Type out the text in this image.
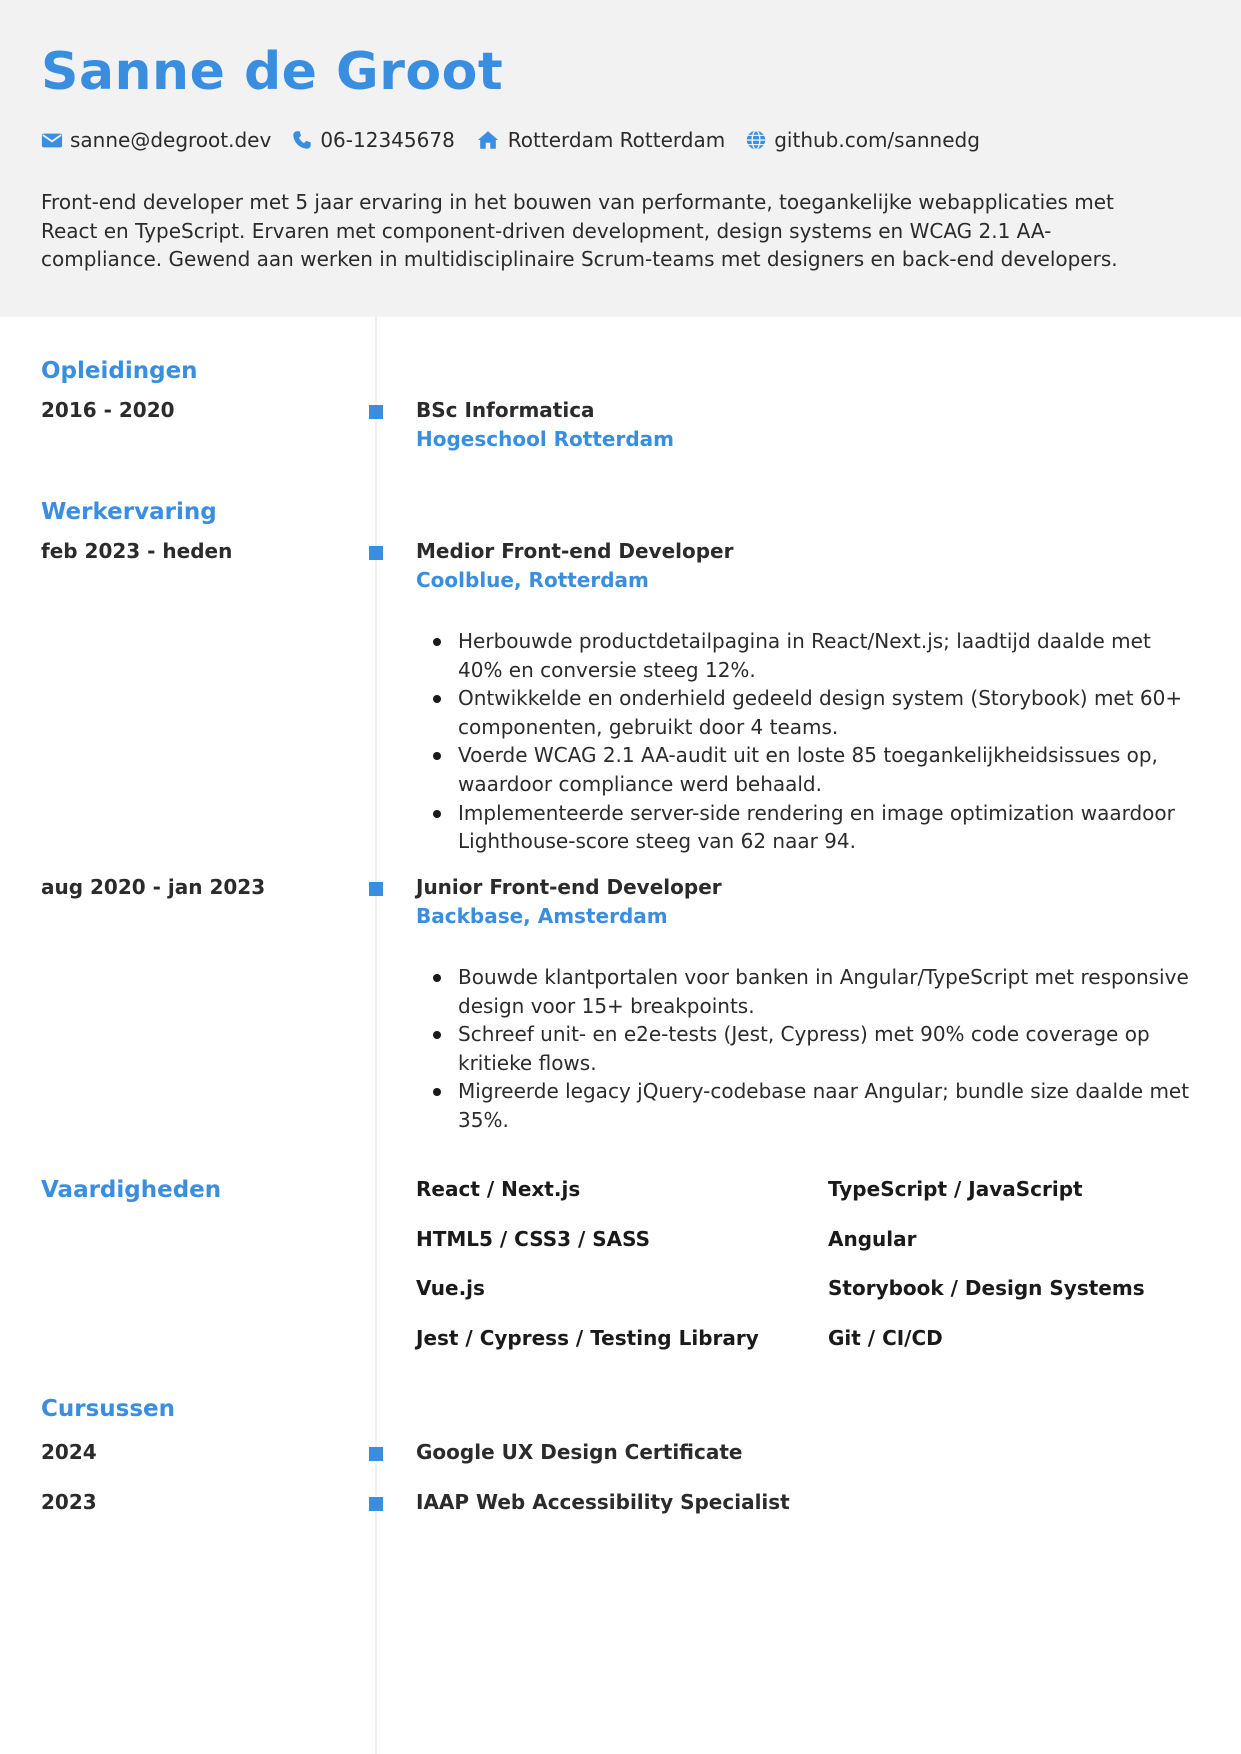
Sanne de Groot
sanne@degroot.dev 06-12345678	Rotterdam Rotterdam github.com/sannedg

Front-end developer met 5 jaar ervaring in het bouwen van performante, toegankelijke webapplicaties met React en TypeScript. Ervaren met component-driven development, design systems en WCAG 2.1 AA-compliance. Gewend aan werken in multidisciplinaire Scrum-teams met designers en back-end developers.

Opleidingen
2016 - 2020	BSc Informatica
Hogeschool Rotterdam
Werkervaring
feb 2023 - heden	Medior Front-end Developer
Coolblue, Rotterdam
Herbouwde productdetailpagina in React/Next.js; laadtijd daalde met 40% en conversie steeg 12%.
Ontwikkelde en onderhield gedeeld design system (Storybook) met 60+ componenten, gebruikt door 4 teams.
Voerde WCAG 2.1 AA-audit uit en loste 85 toegankelijkheidsissues op, waardoor compliance werd behaald.
Implementeerde server-side rendering en image optimization waardoor Lighthouse-score steeg van 62 naar 94.
aug 2020 - jan 2023	Junior Front-end Developer
Backbase, Amsterdam
Bouwde klantportalen voor banken in Angular/TypeScript met responsive design voor 15+ breakpoints.
Schreef unit- en e2e-tests (Jest, Cypress) met 90% code coverage op kritieke flows.
Migreerde legacy jQuery-codebase naar Angular; bundle size daalde met 35%.
Vaardigheden	React / Next.js	TypeScript / JavaScript
HTML5 / CSS3 / SASS	Angular
Vue.js	Storybook / Design Systems
Jest / Cypress / Testing Library	Git / CI/CD
Cursussen
2024	Google UX Design Certificate
2023	IAAP Web Accessibility Specialist
